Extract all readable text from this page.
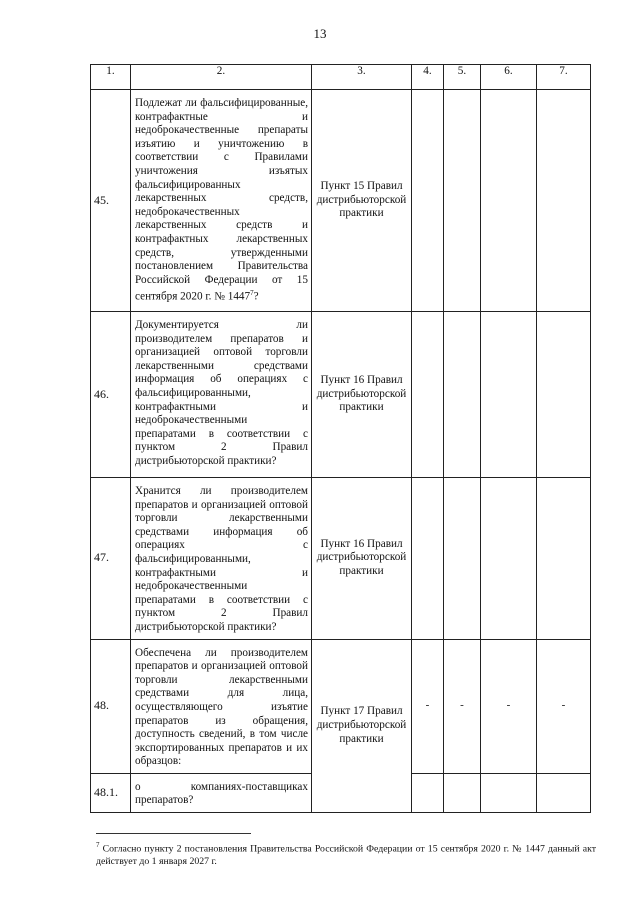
13
1.	2.	3.	4.	5.	6.	7.
45.	Подлежат ли фальсифицированные, контрафактные и недоброкачественные препараты изъятию и уничтожению в соответствии с Правилами уничтожения изъятых фальсифицированных лекарственных средств, недоброкачественных лекарственных средств и контрафактных лекарственных средств, утвержденными постановлением Правительства Российской Федерации от 15 сентября 2020 г. № 1447$^7$?	Пункт 15 Правил дистрибьюторской практики				

46.	Документируется ли производителем препаратов и организацией оптовой торговли лекарственными средствами информация об операциях с фальсифицированными, контрафактными и недоброкачественными препаратами в соответствии с пунктом 2 Правил дистрибьюторской практики?	Пункт 16 Правил дистрибьюторской практики				

47.	Хранится ли производителем препаратов и организацией оптовой торговли лекарственными средствами информация об операциях с фальсифицированными, контрафактными и недоброкачественными препаратами в соответствии с пунктом 2 Правил дистрибьюторской практики?	Пункт 16 Правил дистрибьюторской практики				

48.	Обеспечена ли производителем препаратов и организацией оптовой торговли лекарственными средствами для лица, осуществляющего изъятие препаратов из обращения, доступность сведений, в том числе экспортированных препаратов и их образцов:	Пункт 17 Правил дистрибьюторской практики	-	-	-	-
48.1.	о компаниях-поставщиках препаратов?					
$^7$ Согласно пункту 2 постановления Правительства Российской Федерации от 15 сентября 2020 г. № 1447 данный акт действует до 1 января 2027 г.
